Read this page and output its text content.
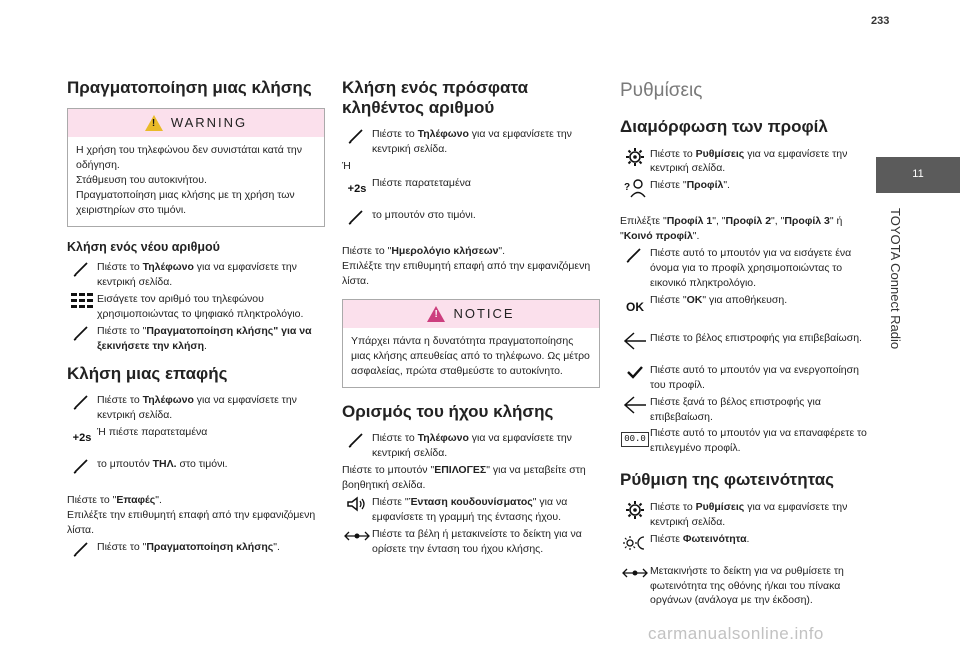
233
11
TOYOTA Connect Radio
Πραγματοποίηση μιας κλήσης
!
WARNING

Η χρήση του τηλεφώνου δεν συνιστάται κατά την οδήγηση.

Στάθμευση του αυτοκινήτου.

Πραγματοποίηση μιας κλήσης με τη χρήση των χειριστηρίων στο τιμόνι.

Κλήση ενός νέου αριθμού
Πιέστε το Τηλέφωνο για να εμφανίσετε την κεντρική σελίδα.
Εισάγετε τον αριθμό του τηλεφώνου χρησιμοποιώντας το ψηφιακό πληκτρολόγιο.
Πιέστε το "Πραγματοποίηση κλήσης" για να ξεκινήσετε την κλήση.
Κλήση μιας επαφής
Πιέστε το Τηλέφωνο για να εμφανίσετε την κεντρική σελίδα.
+2s Ή πιέστε παρατεταμένα
το μπουτόν ΤΗΛ. στο τιμόνι.

Πιέστε το "Επαφές".

Επιλέξτε την επιθυμητή επαφή από την εμφανιζόμενη λίστα.

Πιέστε το "Πραγματοποίηση κλήσης".
Κλήση ενός πρόσφατα κληθέντος αριθμού
Πιέστε το Τηλέφωνο για να εμφανίσετε την κεντρική σελίδα.

Ή

+2s Πιέστε παρατεταμένα
το μπουτόν στο τιμόνι.

Πιέστε το "Ημερολόγιο κλήσεων".

Επιλέξτε την επιθυμητή επαφή από την εμφανιζόμενη λίστα.

!
NOTICE
Υπάρχει πάντα η δυνατότητα πραγματοποίησης μιας κλήσης απευθείας από το τηλέφωνο. Ως μέτρο ασφαλείας, πρώτα σταθμεύστε το αυτοκίνητο.
Ορισμός του ήχου κλήσης
Πιέστε το Τηλέφωνο για να εμφανίσετε την κεντρική σελίδα.

Πιέστε το μπουτόν "ΕΠΙΛΟΓΕΣ" για να μεταβείτε στη βοηθητική σελίδα.

Πιέστε "Ένταση κουδουνίσματος" για να εμφανίσετε τη γραμμή της έντασης ήχου.
Πιέστε τα βέλη ή μετακινείστε το δείκτη για να ορίσετε την ένταση του ήχου κλήσης.
Ρυθμίσεις
Διαμόρφωση των προφίλ
Πιέστε το Ρυθμίσεις για να εμφανίσετε την κεντρική σελίδα.
? Πιέστε "Προφίλ".

Επιλέξτε "Προφίλ 1", "Προφίλ 2", "Προφίλ 3" ή "Κοινό προφίλ".

Πιέστε αυτό το μπουτόν για να εισάγετε ένα όνομα για το προφίλ χρησιμοποιώντας το εικονικό πληκτρολόγιο.
OK Πιέστε "OK" για αποθήκευση.
Πιέστε το βέλος επιστροφής για επιβεβαίωση.
Πιέστε αυτό το μπουτόν για να ενεργοποίηση του προφίλ.
Πιέστε ξανά το βέλος επιστροφής για επιβεβαίωση.
00.0 Πιέστε αυτό το μπουτόν για να επαναφέρετε το επιλεγμένο προφίλ.
Ρύθμιση της φωτεινότητας
Πιέστε το Ρυθμίσεις για να εμφανίσετε την κεντρική σελίδα.
Πιέστε Φωτεινότητα.
Μετακινήστε το δείκτη για να ρυθμίσετε τη φωτεινότητα της οθόνης ή/και του πίνακα οργάνων (ανάλογα με την έκδοση).
carmanualsonline.info
